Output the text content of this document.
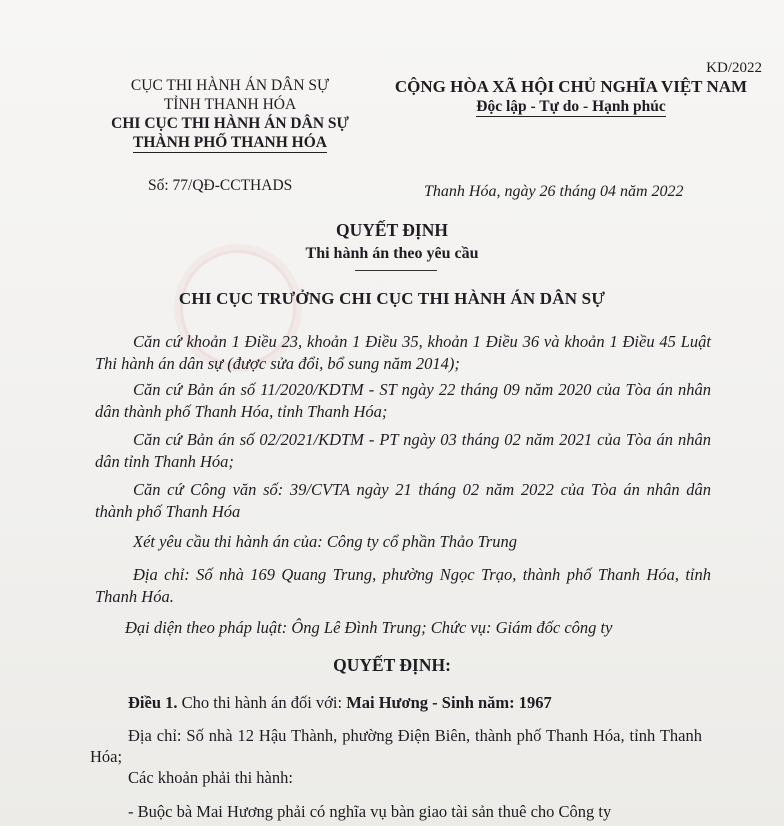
KD/2022
CỤC THI HÀNH ÁN DÂN SỰ
TỈNH THANH HÓA
CHI CỤC THI HÀNH ÁN DÂN SỰ
THÀNH PHỐ THANH HÓA
CỘNG HÒA XÃ HỘI CHỦ NGHĨA VIỆT NAM
Độc lập - Tự do - Hạnh phúc
Số: 77/QĐ-CCTHADS	Thanh Hóa, ngày 26 tháng 04 năm 2022
QUYẾT ĐỊNH
Thi hành án theo yêu cầu
CHI CỤC TRƯỞNG CHI CỤC THI HÀNH ÁN DÂN SỰ
Căn cứ khoản 1 Điều 23, khoản 1 Điều 35, khoản 1 Điều 36 và khoản 1 Điều 45 Luật Thi hành án dân sự (được sửa đổi, bổ sung năm 2014);
Căn cứ Bản án số 11/2020/KDTM - ST ngày 22 tháng 09 năm 2020 của Tòa án nhân dân thành phố Thanh Hóa, tỉnh Thanh Hóa;
Căn cứ Bản án số 02/2021/KDTM - PT ngày 03 tháng 02 năm 2021 của Tòa án nhân dân tỉnh Thanh Hóa;
Căn cứ Công văn số: 39/CVTA ngày 21 tháng 02 năm 2022 của Tòa án nhân dân thành phố Thanh Hóa
Xét yêu cầu thi hành án của: Công ty cổ phần Thảo Trung
Địa chỉ: Số nhà 169 Quang Trung, phường Ngọc Trạo, thành phố Thanh Hóa, tỉnh Thanh Hóa.
Đại diện theo pháp luật: Ông Lê Đình Trung; Chức vụ: Giám đốc công ty
QUYẾT ĐỊNH:
Điều 1. Cho thi hành án đối với: Mai Hương - Sinh năm: 1967
Địa chỉ: Số nhà 12 Hậu Thành, phường Điện Biên, thành phố Thanh Hóa, tỉnh Thanh Hóa;
Các khoản phải thi hành:
- Buộc bà Mai Hương phải có nghĩa vụ bàn giao tài sản thuê cho Công ty
